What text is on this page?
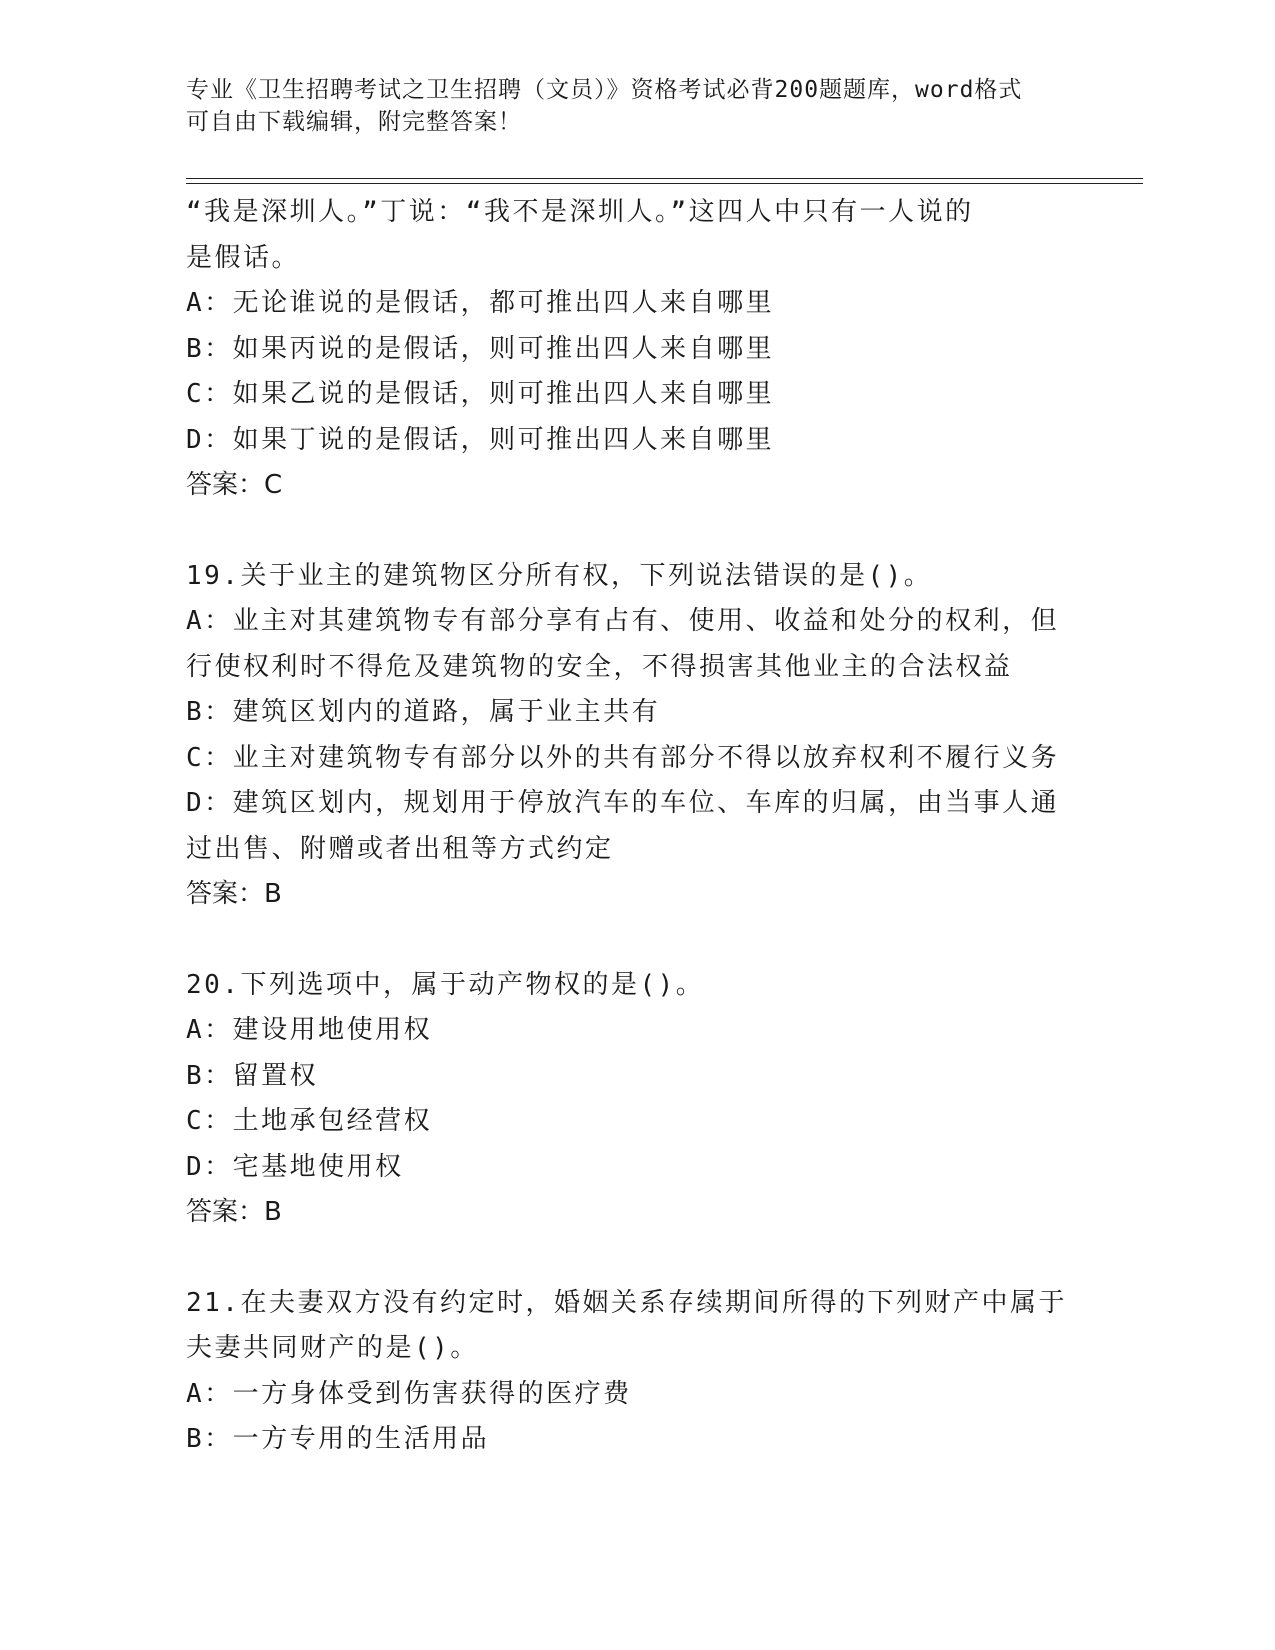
专业《卫生招聘考试之卫生招聘（文员）》资格考试必背200题题库，word格式
可自由下载编辑，附完整答案！
“我是深圳人。”丁说：“我不是深圳人。”这四人中只有一人说的
是假话。
A：无论谁说的是假话，都可推出四人来自哪里
B：如果丙说的是假话，则可推出四人来自哪里
C：如果乙说的是假话，则可推出四人来自哪里
D：如果丁说的是假话，则可推出四人来自哪里
答案：C
19.关于业主的建筑物区分所有权，下列说法错误的是()。
A：业主对其建筑物专有部分享有占有、使用、收益和处分的权利，但
行使权利时不得危及建筑物的安全，不得损害其他业主的合法权益
B：建筑区划内的道路，属于业主共有
C：业主对建筑物专有部分以外的共有部分不得以放弃权利不履行义务
D：建筑区划内，规划用于停放汽车的车位、车库的归属，由当事人通
过出售、附赠或者出租等方式约定
答案：B
20.下列选项中，属于动产物权的是()。
A：建设用地使用权
B：留置权
C：土地承包经营权
D：宅基地使用权
答案：B
21.在夫妻双方没有约定时，婚姻关系存续期间所得的下列财产中属于
夫妻共同财产的是()。
A：一方身体受到伤害获得的医疗费
B：一方专用的生活用品
